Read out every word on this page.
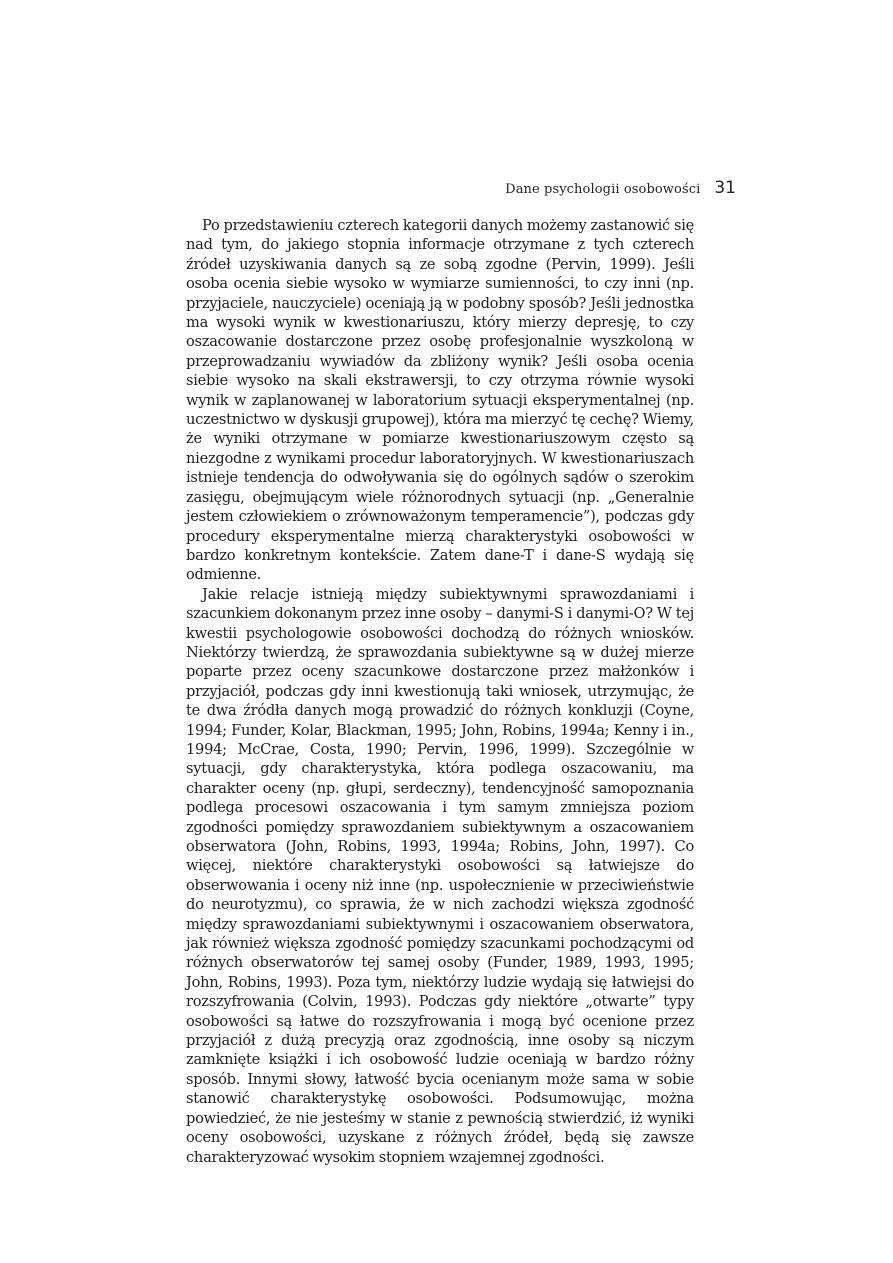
Dane psychologii osobowości 31

Po przedstawieniu czterech kategorii danych możemy zastanowić się nad tym, do jakiego stopnia informacje otrzymane z tych czterech źródeł uzyskiwania danych są ze sobą zgodne (Pervin, 1999). Jeśli osoba ocenia siebie wysoko w wymiarze sumienności, to czy inni (np. przyjaciele, nauczyciele) oceniają ją w podobny sposób? Jeśli jednostka ma wysoki wynik w kwestionariuszu, który mierzy depresję, to czy oszacowanie dostarczone przez osobę profesjonalnie wyszkoloną w przeprowadzaniu wywiadów da zbliżony wynik? Jeśli osoba ocenia siebie wysoko na skali ekstrawersji, to czy otrzyma równie wysoki wynik w zaplanowanej w laboratorium sytuacji eksperymentalnej (np. uczestnictwo w dyskusji grupowej), która ma mierzyć tę cechę? Wiemy, że wyniki otrzymane w pomiarze kwestionariuszowym często są niezgodne z wynikami procedur laboratoryjnych. W kwestionariuszach istnieje tendencja do odwoływania się do ogólnych sądów o szerokim zasięgu, obejmującym wiele różnorodnych sytuacji (np. „Generalnie jestem człowiekiem o zrównoważonym temperamencie”), podczas gdy procedury eksperymentalne mierzą charakterystyki osobowości w bardzo konkretnym kontekście. Zatem dane-T i dane-S wydają się odmienne.

Jakie relacje istnieją między subiektywnymi sprawozdaniami i szacunkiem dokonanym przez inne osoby – danymi-S i danymi-O? W tej kwestii psychologowie osobowości dochodzą do różnych wniosków. Niektórzy twierdzą, że sprawozdania subiektywne są w dużej mierze poparte przez oceny szacunkowe dostarczone przez małżonków i przyjaciół, podczas gdy inni kwestionują taki wniosek, utrzymując, że te dwa źródła danych mogą prowadzić do różnych konkluzji (Coyne, 1994; Funder, Kolar, Blackman, 1995; John, Robins, 1994a; Kenny i in., 1994; McCrae, Costa, 1990; Pervin, 1996, 1999). Szczególnie w sytuacji, gdy charakterystyka, która podlega oszacowaniu, ma charakter oceny (np. głupi, serdeczny), tendencyjność samopoznania podlega procesowi oszacowania i tym samym zmniejsza poziom zgodności pomiędzy sprawozdaniem subiektywnym a oszacowaniem obserwatora (John, Robins, 1993, 1994a; Robins, John, 1997). Co więcej, niektóre charakterystyki osobowości są łatwiejsze do obserwowania i oceny niż inne (np. uspołecznienie w przeciwieństwie do neurotyzmu), co sprawia, że w nich zachodzi większa zgodność między sprawozdaniami subiektywnymi i oszacowaniem obserwatora, jak również większa zgodność pomiędzy szacunkami pochodzącymi od różnych obserwatorów tej samej osoby (Funder, 1989, 1993, 1995; John, Robins, 1993). Poza tym, niektórzy ludzie wydają się łatwiejsi do rozszyfrowania (Colvin, 1993). Podczas gdy niektóre „otwarte” typy osobowości są łatwe do rozszyfrowania i mogą być ocenione przez przyjaciół z dużą precyzją oraz zgodnością, inne osoby są niczym zamknięte książki i ich osobowość ludzie oceniają w bardzo różny sposób. Innymi słowy, łatwość bycia ocenianym może sama w sobie stanowić charakterystykę osobowości. Podsumowując, można powiedzieć, że nie jesteśmy w stanie z pewnością stwierdzić, iż wyniki oceny osobowości, uzyskane z różnych źródeł, będą się zawsze charakteryzować wysokim stopniem wzajemnej zgodności.
